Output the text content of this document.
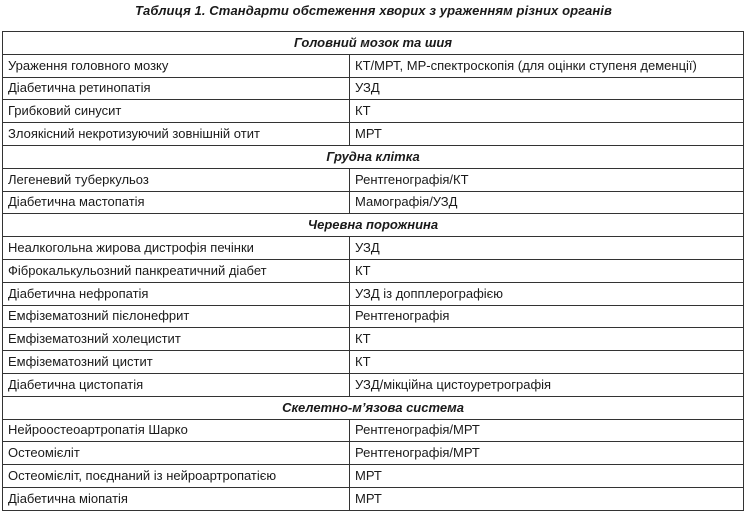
Таблиця 1. Стандарти обстеження хворих з ураженням різних органів
Головний мозок та шия	
Ураження головного мозку	КТ/МРТ, МР-спектроскопія (для оцінки ступеня деменції)
Діабетична ретинопатія	УЗД
Грибковий синусит	КТ
Злоякісний некротизуючий зовнішній отит	МРТ
Грудна клітка	
Легеневий туберкульоз	Рентгенографія/КТ
Діабетична мастопатія	Мамографія/УЗД
Черевна порожнина	
Неалкогольна жирова дистрофія печінки	УЗД
Фіброкалькульозний панкреатичний діабет	КТ
Діабетична нефропатія	УЗД із допплерографією
Емфізематозний пієлонефрит	Рентгенографія
Емфізематозний холецистит	КТ
Емфізематозний цистит	КТ
Діабетична цистопатія	УЗД/мікційна цистоуретрографія
Скелетно-м’язова система	
Нейроостеоартропатія Шарко	Рентгенографія/МРТ
Остеомієліт	Рентгенографія/МРТ
Остеомієліт, поєднаний із нейроартропатією	МРТ
Діабетична міопатія	МРТ
